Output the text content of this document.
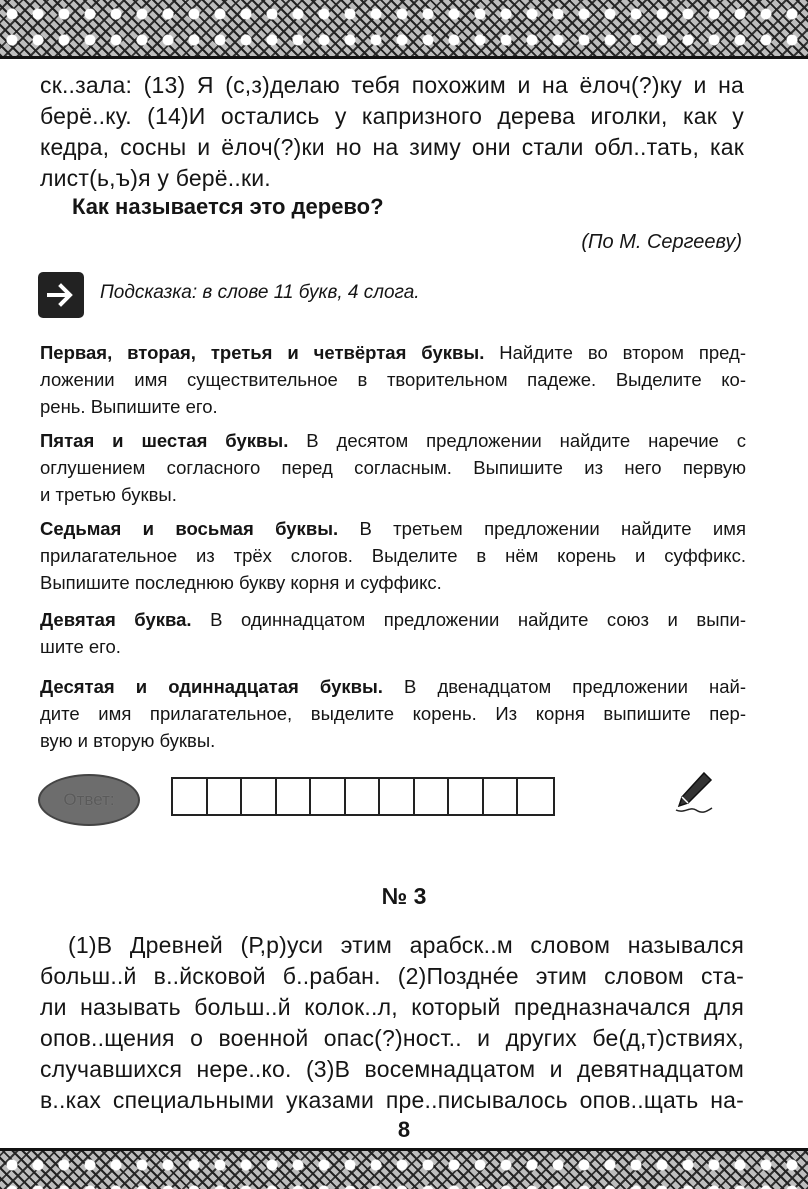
ск..зала: (13) Я (с,з)делаю тебя похожим и на ёлоч(?)ку и на
берё..ку. (14)И остались у капризного дерева иголки, как у
кедра, сосны и ёлоч(?)ки но на зиму они стали обл..тать, как
лист(ь,ъ)я у берё..ки.
Как называется это дерево?
(По М. Сергееву)
Подсказка: в слове 11 букв, 4 слога.
Первая, вторая, третья и четвёртая буквы. Найдите во втором пред-
ложении имя существительное в творительном падеже. Выделите ко-
рень. Выпишите его.
Пятая и шестая буквы. В десятом предложении найдите наречие с
оглушением согласного перед согласным. Выпишите из него первую
и третью буквы.
Седьмая и восьмая буквы. В третьем предложении найдите имя
прилагательное из трёх слогов. Выделите в нём корень и суффикс.
Выпишите последнюю букву корня и суффикс.
Девятая буква. В одиннадцатом предложении найдите союз и выпи-
шите его.
Десятая и одиннадцатая буквы. В двенадцатом предложении най-
дите имя прилагательное, выделите корень. Из корня выпишите пер-
вую и вторую буквы.
Ответ:
№ 3
(1)В Древней (Р,р)уси этим арабск..м словом назывался
больш..й в..йсковой б..рабан. (2)Позднée этим словом ста-
ли называть больш..й колок..л, который предназначался для
опов..щения о военной опас(?)ност.. и других бе(д,т)ствиях,
случавшихся нере..ко. (3)В восемнадцатом и девятнадцатом
в..ках специальными указами пре..писывалось опов..щать на-
8
